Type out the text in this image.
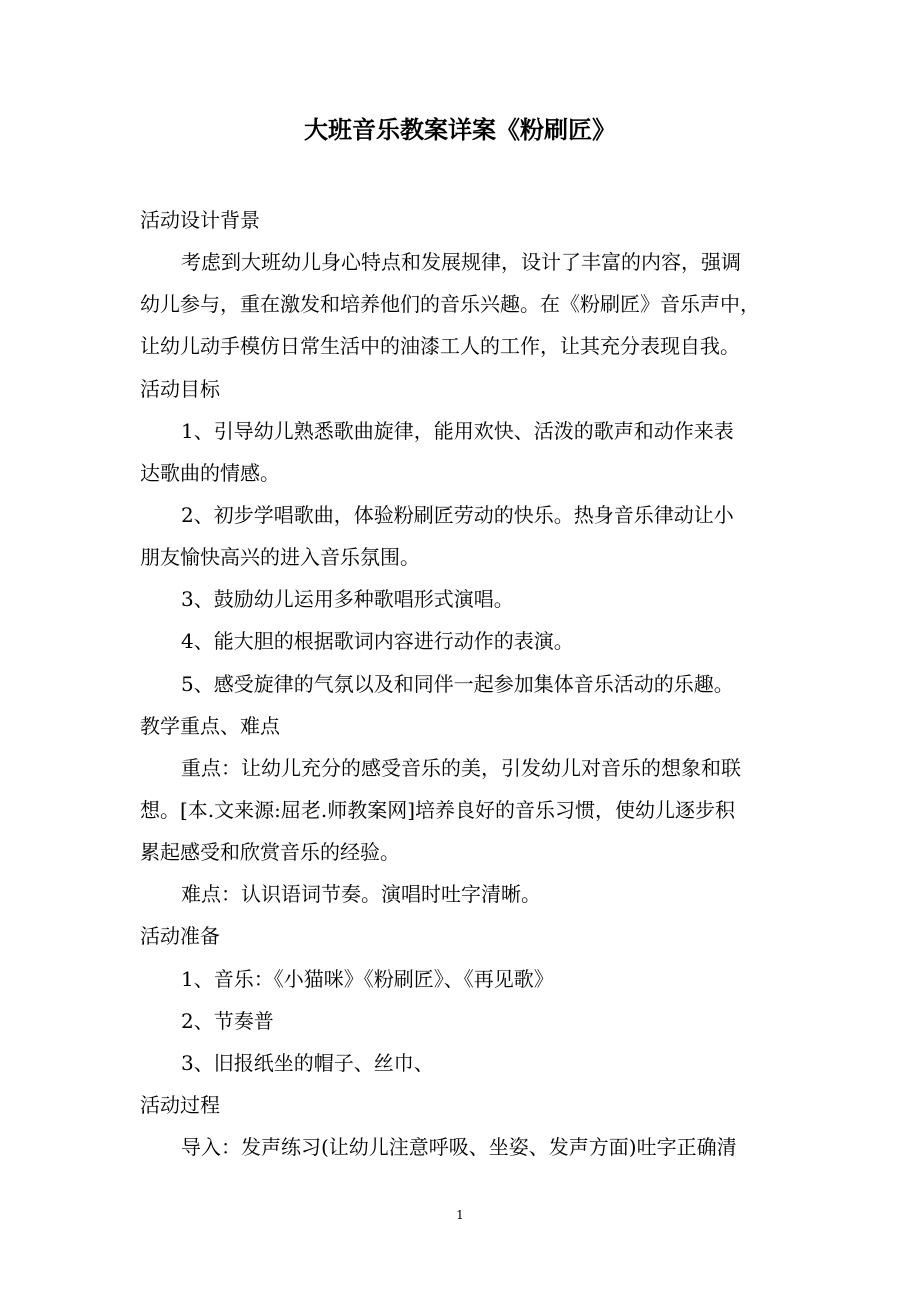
大班音乐教案详案《粉刷匠》
活动设计背景
考虑到大班幼儿身心特点和发展规律，设计了丰富的内容，强调
幼儿参与，重在激发和培养他们的音乐兴趣。在《粉刷匠》音乐声中，
让幼儿动手模仿日常生活中的油漆工人的工作，让其充分表现自我。
活动目标
1、引导幼儿熟悉歌曲旋律，能用欢快、活泼的歌声和动作来表
达歌曲的情感。
2、初步学唱歌曲，体验粉刷匠劳动的快乐。热身音乐律动让小
朋友愉快高兴的进入音乐氛围。
3、鼓励幼儿运用多种歌唱形式演唱。
4、能大胆的根据歌词内容进行动作的表演。
5、感受旋律的气氛以及和同伴一起参加集体音乐活动的乐趣。
教学重点、难点
重点：让幼儿充分的感受音乐的美，引发幼儿对音乐的想象和联
想。[本.文来源:屈老.师教案网]培养良好的音乐习惯，使幼儿逐步积
累起感受和欣赏音乐的经验。
难点：认识语词节奏。演唱时吐字清晰。
活动准备
1、音乐：《小猫咪》《粉刷匠》、《再见歌》
2、节奏普
3、旧报纸坐的帽子、丝巾、
活动过程
导入：发声练习(让幼儿注意呼吸、坐姿、发声方面)吐字正确清
1
